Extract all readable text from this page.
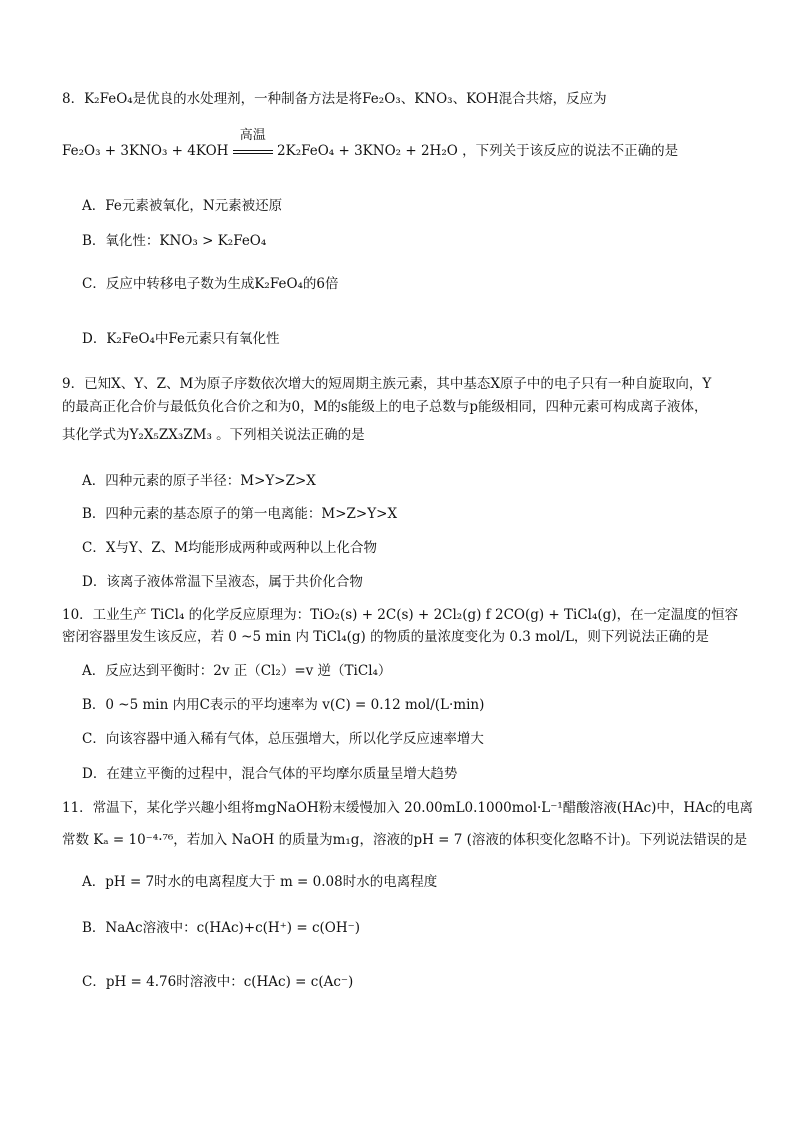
8．K₂FeO₄是优良的水处理剂，一种制备方法是将Fe₂O₃、KNO₃、KOH混合共熔，反应为
Fe₂O₃ + 3KNO₃ + 4KOH
高温
2K₂FeO₄ + 3KNO₂ + 2H₂O ，下列关于该反应的说法不正确的是
A．Fe元素被氧化，N元素被还原
B．氧化性：KNO₃ > K₂FeO₄
C．反应中转移电子数为生成K₂FeO₄的6倍
D．K₂FeO₄中Fe元素只有氧化性
9．已知X、Y、Z、M为原子序数依次增大的短周期主族元素，其中基态X原子中的电子只有一种自旋取向，Y
的最高正化合价与最低负化合价之和为0，M的s能级上的电子总数与p能级相同，四种元素可构成离子液体，
其化学式为Y₂X₅ZX₃ZM₃ 。下列相关说法正确的是
A．四种元素的原子半径：M>Y>Z>X
B．四种元素的基态原子的第一电离能：M>Z>Y>X
C．X与Y、Z、M均能形成两种或两种以上化合物
D．该离子液体常温下呈液态，属于共价化合物
10．工业生产 TiCl₄ 的化学反应原理为：TiO₂(s) + 2C(s) + 2Cl₂(g) f 2CO(g) + TiCl₄(g)，在一定温度的恒容
密闭容器里发生该反应，若 0 ~5 min 内 TiCl₄(g) 的物质的量浓度变化为 0.3 mol/L，则下列说法正确的是
A．反应达到平衡时：2v 正（Cl₂）=v 逆（TiCl₄）
B．0 ~5 min 内用C表示的平均速率为 v(C) = 0.12 mol/(L·min)
C．向该容器中通入稀有气体，总压强增大，所以化学反应速率增大
D．在建立平衡的过程中，混合气体的平均摩尔质量呈增大趋势
11．常温下，某化学兴趣小组将mgNaOH粉末缓慢加入 20.00mL0.1000mol·L⁻¹醋酸溶液(HAc)中，HAc的电离
常数 Kₐ = 10⁻⁴·⁷⁶，若加入 NaOH 的质量为m₁g，溶液的pH = 7 (溶液的体积变化忽略不计)。下列说法错误的是
A．pH = 7时水的电离程度大于 m = 0.08时水的电离程度
B．NaAc溶液中：c(HAc)+c(H⁺) = c(OH⁻)
C．pH = 4.76时溶液中：c(HAc) = c(Ac⁻)
